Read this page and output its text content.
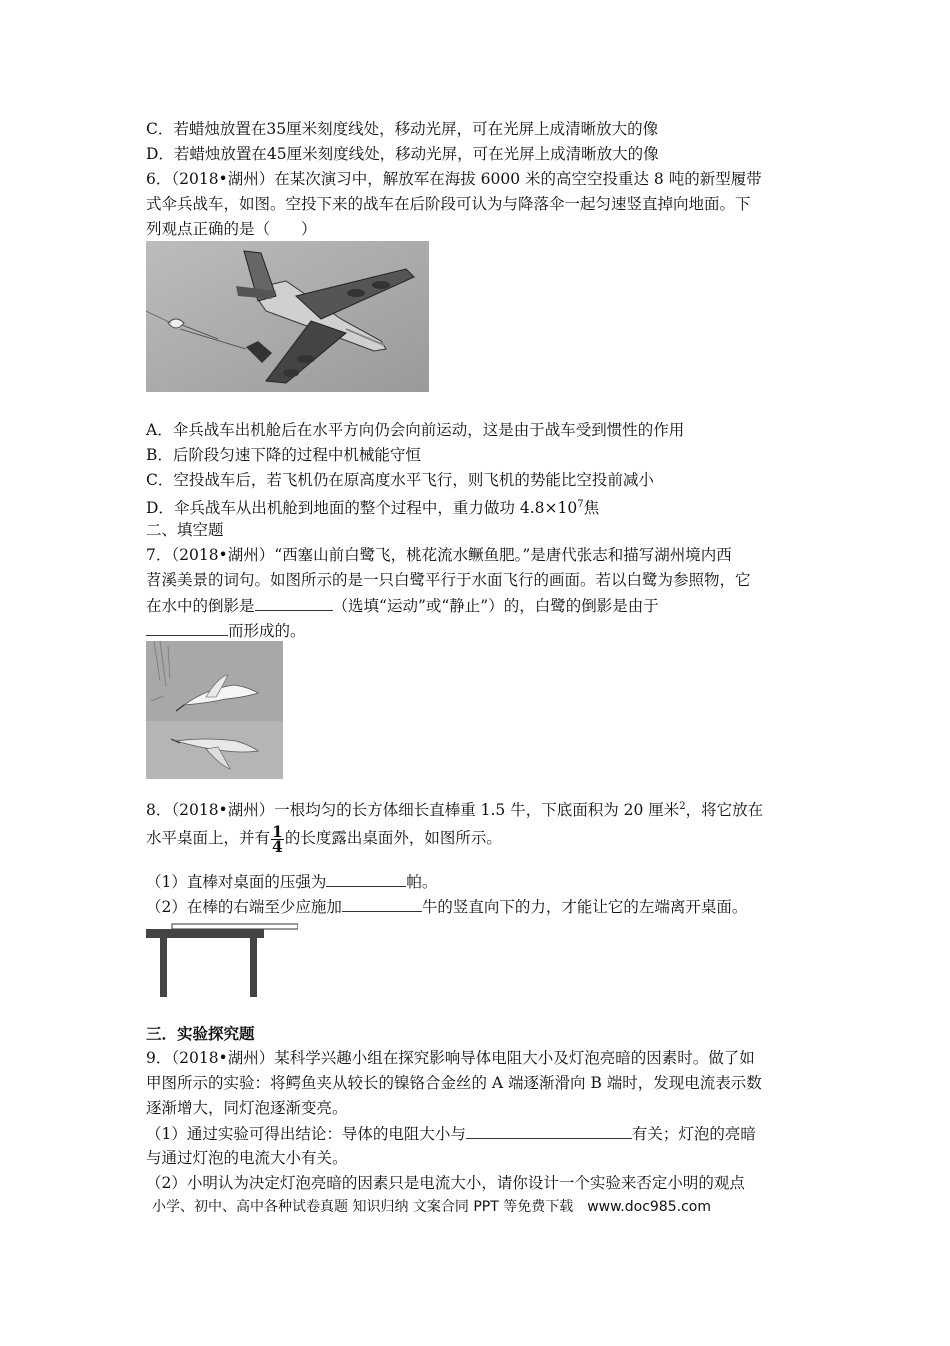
C．若蜡烛放置在35厘米刻度线处，移动光屏，可在光屏上成清晰放大的像
D．若蜡烛放置在45厘米刻度线处，移动光屏，可在光屏上成清晰放大的像
6．（2018•湖州）在某次演习中，解放军在海拔 6000 米的高空空投重达 8 吨的新型履带
式伞兵战车，如图。空投下来的战车在后阶段可认为与降落伞一起匀速竖直掉向地面。下
列观点正确的是（　　）
A．伞兵战车出机舱后在水平方向仍会向前运动，这是由于战车受到惯性的作用
B．后阶段匀速下降的过程中机械能守恒
C．空投战车后，若飞机仍在原高度水平飞行，则飞机的势能比空投前减小
D．伞兵战车从出机舱到地面的整个过程中，重力做功 $4.8\times 10^7$焦
二、填空题
7．（2018•湖州）“西塞山前白鹭飞，桃花流水鳜鱼肥。”是唐代张志和描写湖州境内西
苕溪美景的词句。如图所示的是一只白鹭平行于水面飞行的画面。若以白鹭为参照物，它
在水中的倒影是	（选填“运动”或“静止”）的，白鹭的倒影是由于
而形成的。
8．（2018•湖州）一根均匀的长方体细长直棒重 1.5 牛，下底面积为 20 厘米$^2$，将它放在
水平桌面上，并有 $\frac{1}{4}$ 的长度露出桌面外，如图所示。
（1）直棒对桌面的压强为	帕。
（2）在棒的右端至少应施加	牛的竖直向下的力，才能让它的左端离开桌面。
三．实验探究题
9．（2018•湖州）某科学兴趣小组在探究影响导体电阻大小及灯泡亮暗的因素时。做了如
甲图所示的实验：将鳄鱼夹从较长的镍铬合金丝的 A 端逐渐滑向 B 端时，发现电流表示数
逐渐增大，同灯泡逐渐变亮。
（1）通过实验可得出结论：导体的电阻大小与	有关；灯泡的亮暗
与通过灯泡的电流大小有关。
（2）小明认为决定灯泡亮暗的因素只是电流大小，请你设计一个实验来否定小明的观点
小学、初中、高中各种试卷真题 知识归纳 文案合同 PPT 等免费下载　www.doc985.com
